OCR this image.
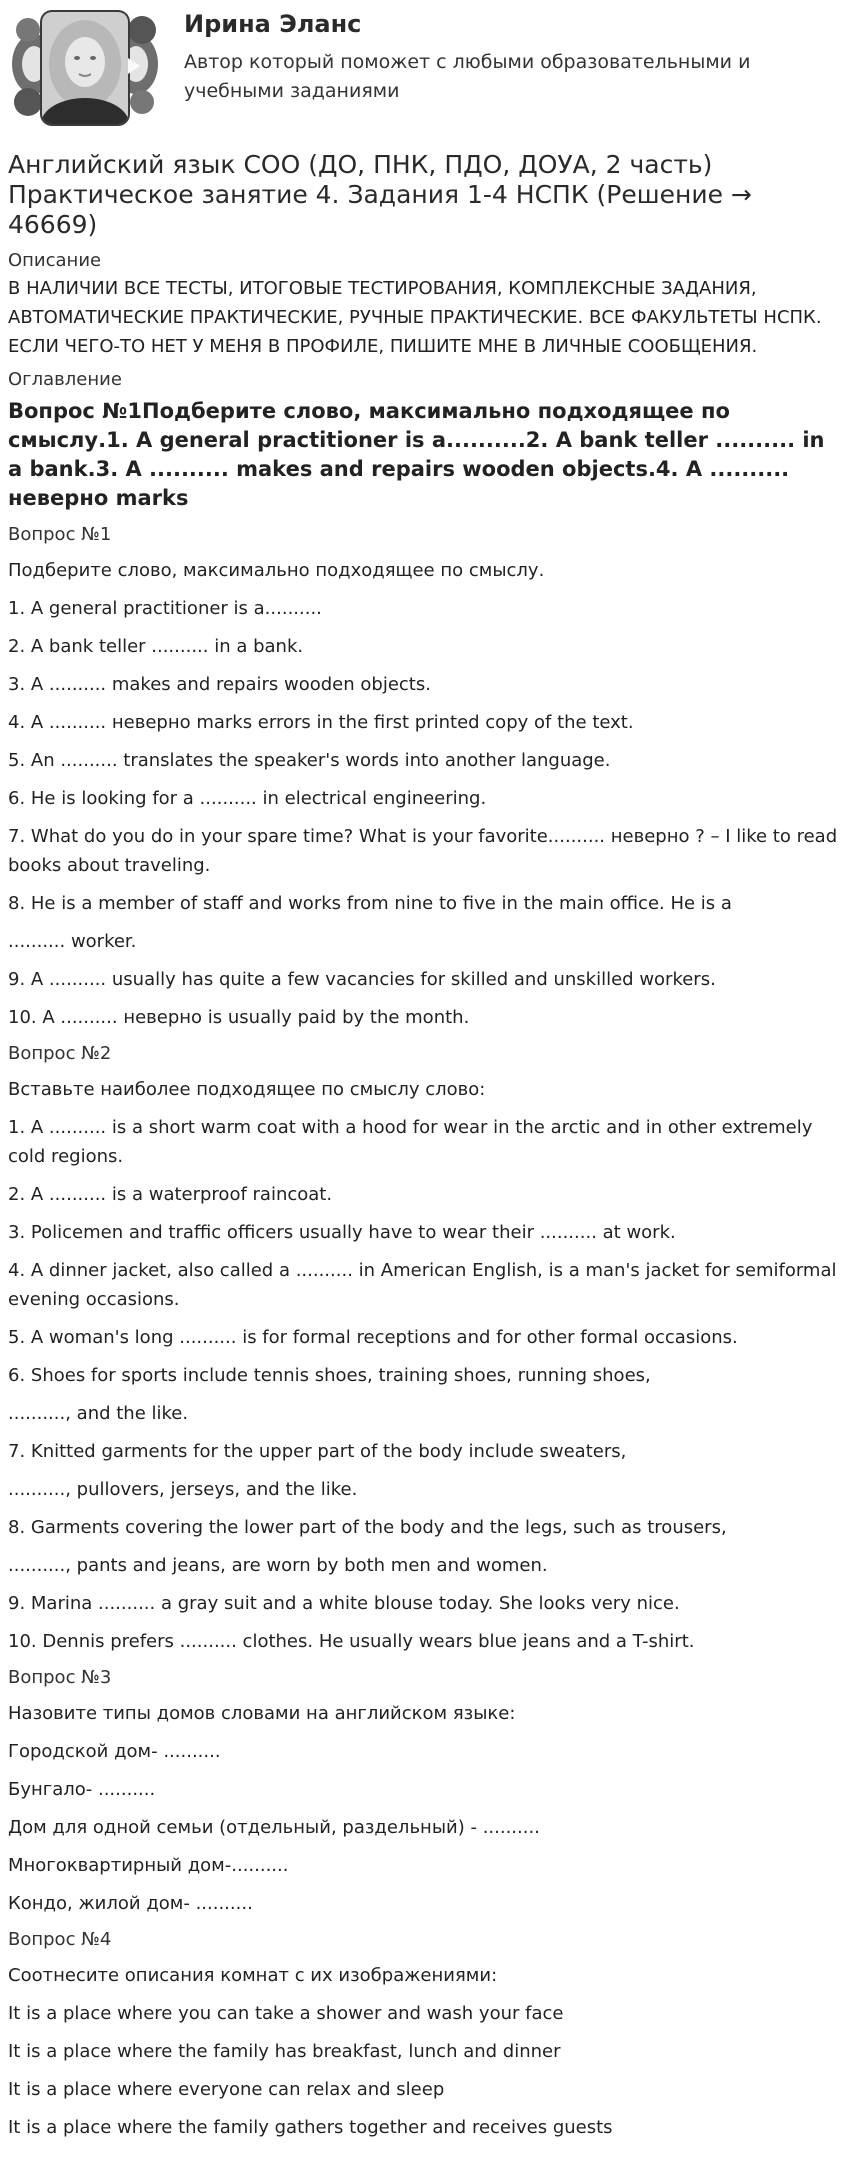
Ирина Эланс
Автор который поможет с любыми образовательными и учебными заданиями
Английский язык СОО (ДО, ПНК, ПДО, ДОУА, 2 часть) Практическое занятие 4. Задания 1-4 НСПК (Решение → 46669)
Описание
В НАЛИЧИИ ВСЕ ТЕСТЫ, ИТОГОВЫЕ ТЕСТИРОВАНИЯ, КОМПЛЕКСНЫЕ ЗАДАНИЯ, АВТОМАТИЧЕСКИЕ ПРАКТИЧЕСКИЕ, РУЧНЫЕ ПРАКТИЧЕСКИЕ. ВСЕ ФАКУЛЬТЕТЫ НСПК. ЕСЛИ ЧЕГО-ТО НЕТ У МЕНЯ В ПРОФИЛЕ, ПИШИТЕ МНЕ В ЛИЧНЫЕ СООБЩЕНИЯ.
Оглавление
Вопрос №1Подберите слово, максимально подходящее по смыслу.1. A general practitioner is a..........2. A bank teller .......... in a bank.3. A .......... makes and repairs wooden objects.4. A .......... неверно marks
Вопрос №1
Подберите слово, максимально подходящее по смыслу.
1. A general practitioner is a..........
2. A bank teller .......... in a bank.
3. A .......... makes and repairs wooden objects.
4. A .......... неверно marks errors in the first printed copy of the text.
5. An .......... translates the speaker's words into another language.
6. He is looking for a .......... in electrical engineering.
7. What do you do in your spare time? What is your favorite.......... неверно ? – I like to read books about traveling.
8. He is a member of staff and works from nine to five in the main office. He is a
.......... worker.
9. A .......... usually has quite a few vacancies for skilled and unskilled workers.
10. A .......... неверно is usually paid by the month.
Вопрос №2
Вставьте наиболее подходящее по смыслу слово:
1. A .......... is a short warm coat with a hood for wear in the arctic and in other extremely cold regions.
2. A .......... is a waterproof raincoat.
3. Policemen and traffic officers usually have to wear their .......... at work.
4. A dinner jacket, also called a .......... in American English, is a man's jacket for semiformal evening occasions.
5. A woman's long .......... is for formal receptions and for other formal occasions.
6. Shoes for sports include tennis shoes, training shoes, running shoes,
.........., and the like.
7. Knitted garments for the upper part of the body include sweaters,
.........., pullovers, jerseys, and the like.
8. Garments covering the lower part of the body and the legs, such as trousers,
.........., pants and jeans, are worn by both men and women.
9. Marina .......... a gray suit and a white blouse today. She looks very nice.
10. Dennis prefers .......... clothes. He usually wears blue jeans and a T-shirt.
Вопрос №3
Назовите типы домов словами на английском языке:
Городской дом- ..........
Бунгало- ..........
Дом для одной семьи (отдельный, раздельный) - ..........
Многоквартирный дом-..........
Кондо, жилой дом- ..........
Вопрос №4
Соотнесите описания комнат с их изображениями:
It is a place where you can take a shower and wash your face
It is a place where the family has breakfast, lunch and dinner
It is a place where everyone can relax and sleep
It is a place where the family gathers together and receives guests
